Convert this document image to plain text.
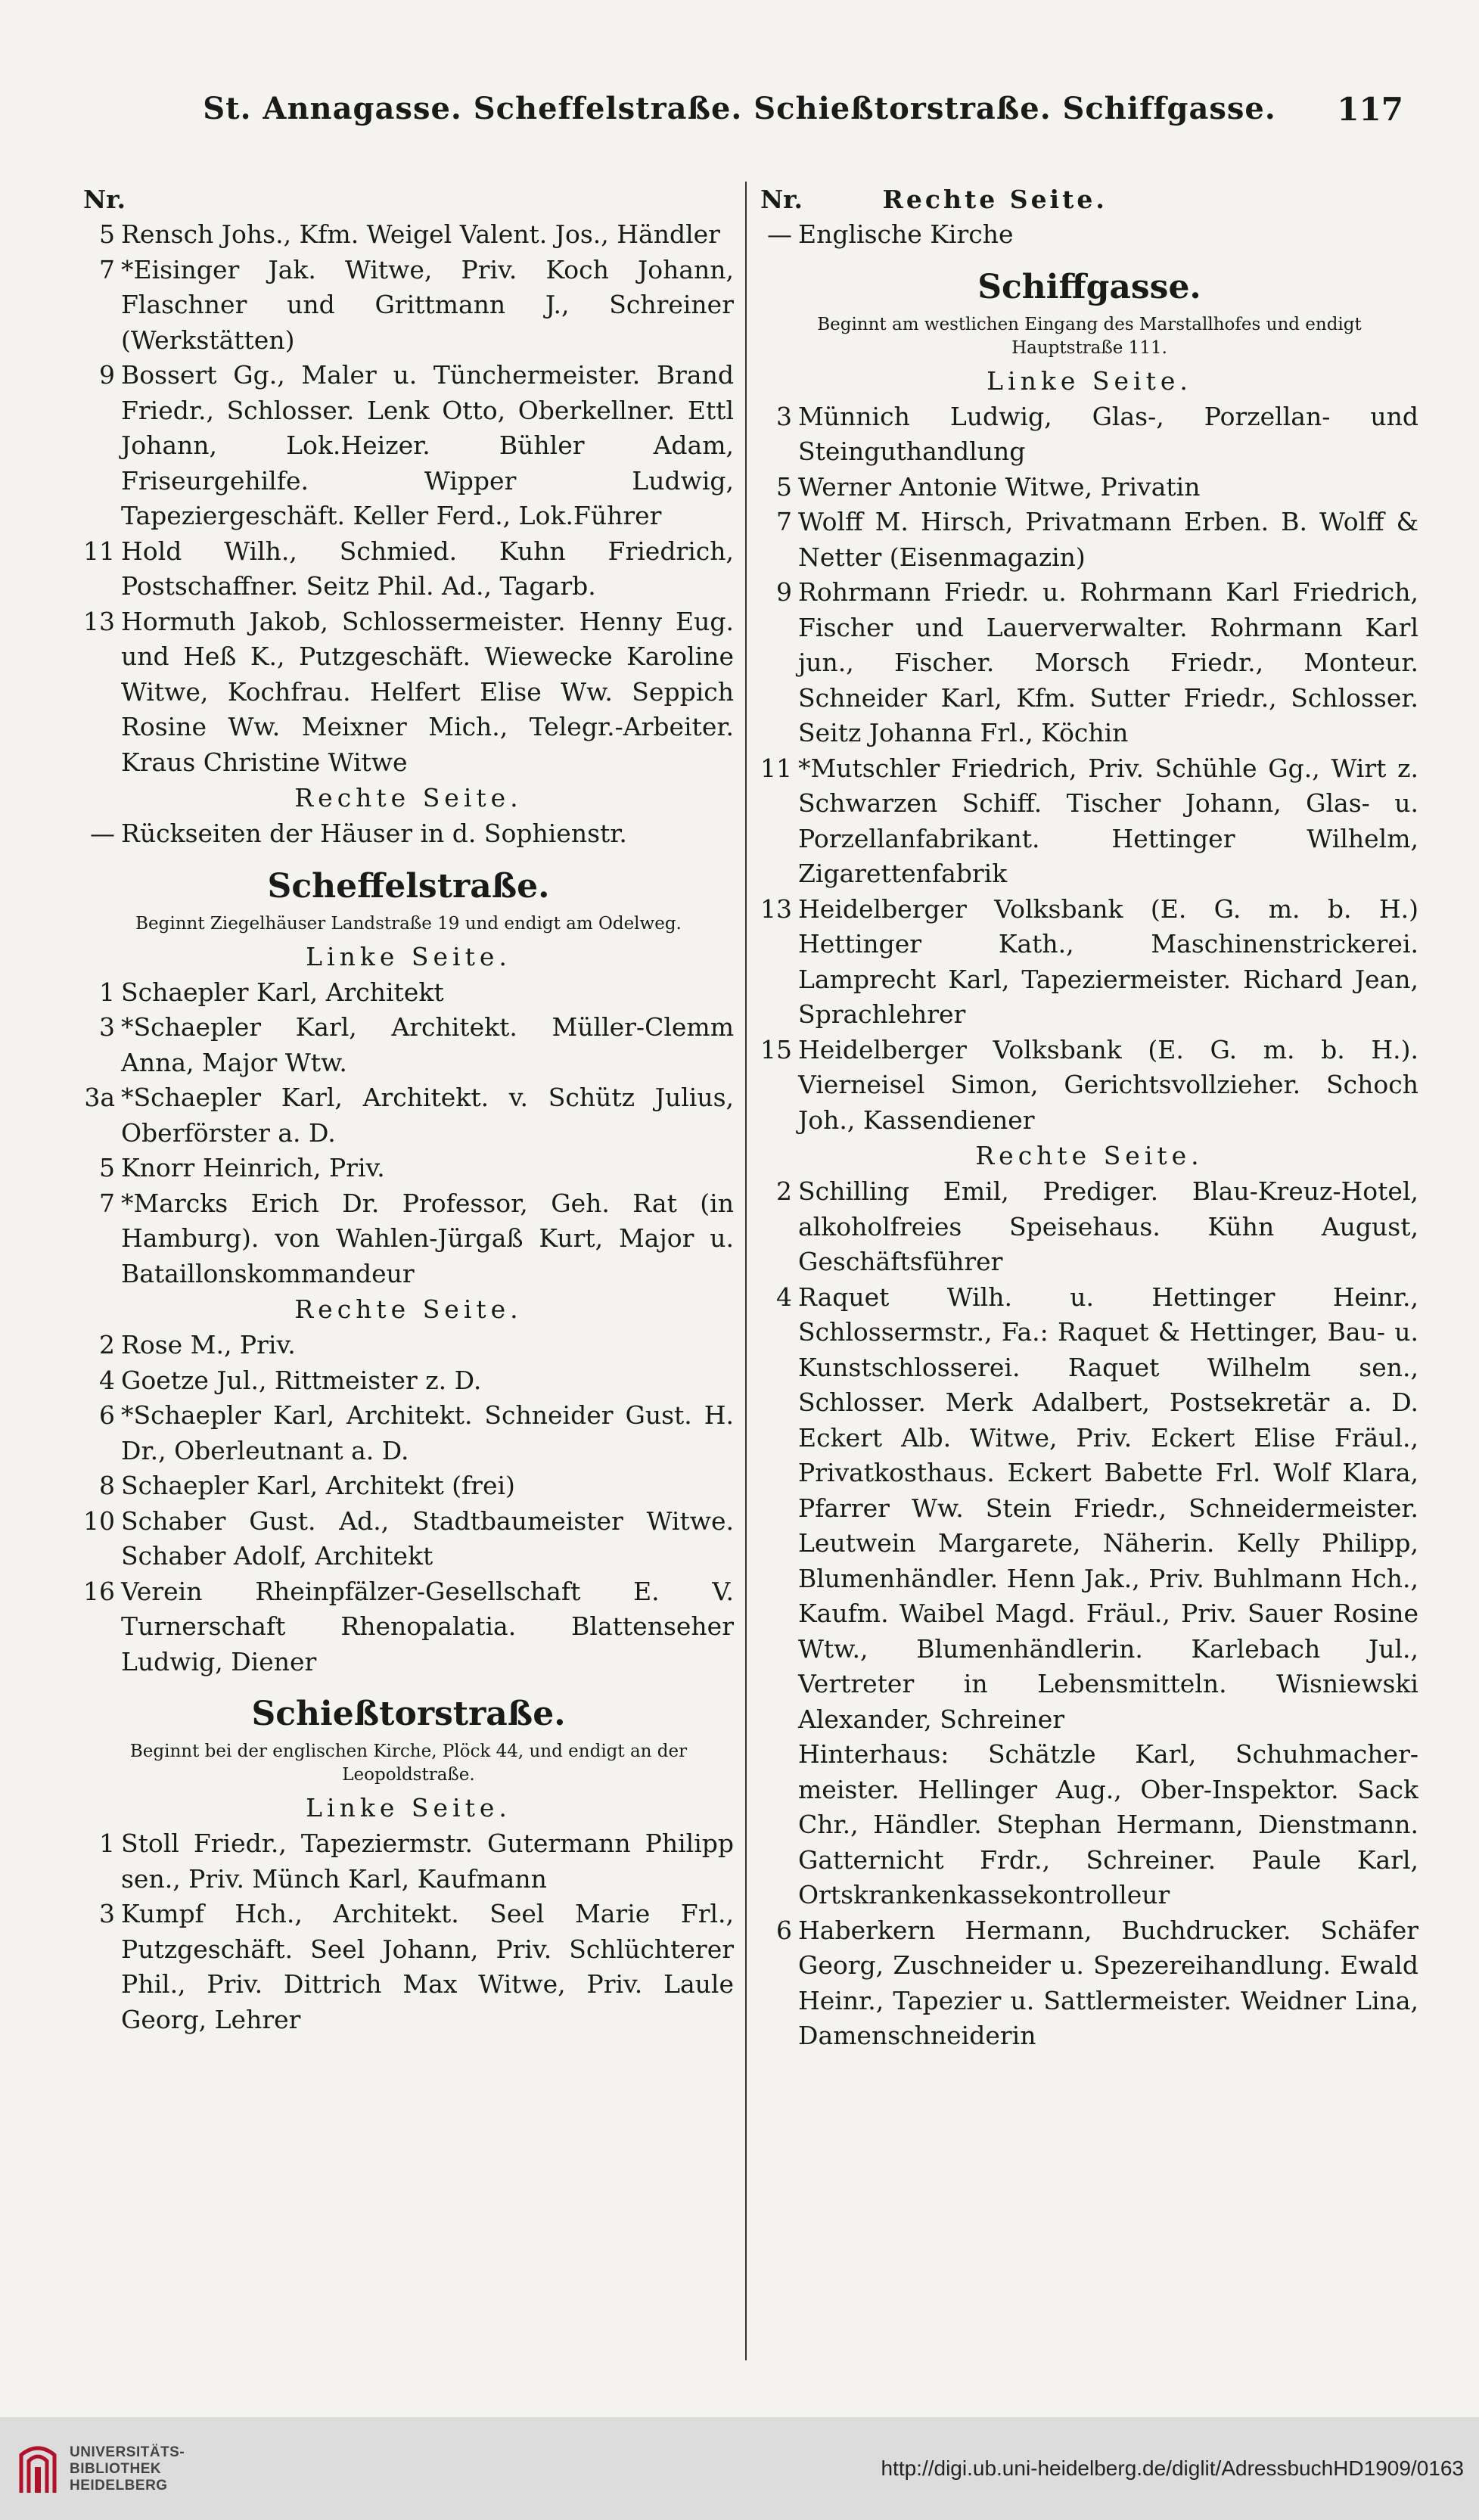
St. Annagasse. Scheffelstraße. Schießtorstraße. Schiffgasse.	117
Nr.
5 Rensch Johs., Kfm. Weigel Valent. Jos., Händler
7 *Eisinger Jak. Witwe, Priv. Koch Johann, Flaschner und Grittmann J., Schreiner (Werkstätten)
9 Bossert Gg., Maler u. Tünchermeister. Brand Friedr., Schlosser. Lenk Otto, Oberkellner. Ettl Johann, Lok.Heizer. Bühler Adam, Friseurgehilfe. Wipper Ludwig, Tapeziergeschäft. Keller Ferd., Lok.Führer
11 Hold Wilh., Schmied. Kuhn Friedrich, Postschaffner. Seitz Phil. Ad., Tagarb.
13 Hormuth Jakob, Schlossermeister. Henny Eug. und Heß K., Putzgeschäft. Wiewecke Karoline Witwe, Kochfrau. Helfert Elise Ww. Seppich Rosine Ww. Meixner Mich., Telegr.-Arbeiter. Kraus Christine Witwe
Rechte Seite.
— Rückseiten der Häuser in d. Sophienstr.
Scheffelstraße.
Beginnt Ziegelhäuser Landstraße 19 und endigt am Odelweg.
Linke Seite.
1 Schaepler Karl, Architekt
3 *Schaepler Karl, Architekt. Müller-Clemm Anna, Major Wtw.
3a *Schaepler Karl, Architekt. v. Schütz Julius, Oberförster a. D.
5 Knorr Heinrich, Priv.
7 *Marcks Erich Dr. Professor, Geh. Rat (in Hamburg). von Wahlen-Jürgaß Kurt, Major u. Bataillonskommandeur
Rechte Seite.
2 Rose M., Priv.
4 Goetze Jul., Rittmeister z. D.
6 *Schaepler Karl, Architekt. Schneider Gust. H. Dr., Oberleutnant a. D.
8 Schaepler Karl, Architekt (frei)
10 Schaber Gust. Ad., Stadtbaumeister Witwe. Schaber Adolf, Architekt
16 Verein Rheinpfälzer-Gesellschaft E. V. Turnerschaft Rhenopalatia. Blattenseher Ludwig, Diener
Schießtorstraße.
Beginnt bei der englischen Kirche, Plöck 44, und endigt an der Leopoldstraße.
Linke Seite.
1 Stoll Friedr., Tapeziermstr. Gutermann Philipp sen., Priv. Münch Karl, Kaufmann
3 Kumpf Hch., Architekt. Seel Marie Frl., Putzgeschäft. Seel Johann, Priv. Schlüchterer Phil., Priv. Dittrich Max Witwe, Priv. Laule Georg, Lehrer
Nr.	Rechte Seite.
— Englische Kirche
Schiffgasse.
Beginnt am westlichen Eingang des Marstallhofes und endigt Hauptstraße 111.
Linke Seite.
3 Münnich Ludwig, Glas-, Porzellan- und Steinguthandlung
5 Werner Antonie Witwe, Privatin
7 Wolff M. Hirsch, Privatmann Erben. B. Wolff & Netter (Eisenmagazin)
9 Rohrmann Friedr. u. Rohrmann Karl Friedrich, Fischer und Lauerverwalter. Rohrmann Karl jun., Fischer. Morsch Friedr., Monteur. Schneider Karl, Kfm. Sutter Friedr., Schlosser. Seitz Johanna Frl., Köchin
11 *Mutschler Friedrich, Priv. Schühle Gg., Wirt z. Schwarzen Schiff. Tischer Johann, Glas- u. Porzellanfabrikant. Hettinger Wilhelm, Zigarettenfabrik
13 Heidelberger Volksbank (E. G. m. b. H.) Hettinger Kath., Maschinenstrickerei. Lamprecht Karl, Tapeziermeister. Richard Jean, Sprachlehrer
15 Heidelberger Volksbank (E. G. m. b. H.). Vierneisel Simon, Gerichtsvollzieher. Schoch Joh., Kassendiener
Rechte Seite.
2 Schilling Emil, Prediger. Blau-Kreuz-Hotel, alkoholfreies Speisehaus. Kühn August, Geschäftsführer
4 Raquet Wilh. u. Hettinger Heinr., Schlossermstr., Fa.: Raquet & Hettinger, Bau- u. Kunstschlosserei. Raquet Wilhelm sen., Schlosser. Merk Adalbert, Postsekretär a. D. Eckert Alb. Witwe, Priv. Eckert Elise Fräul., Privatkosthaus. Eckert Babette Frl. Wolf Klara, Pfarrer Ww. Stein Friedr., Schneidermeister. Leutwein Margarete, Näherin. Kelly Philipp, Blumenhändler. Henn Jak., Priv. Buhlmann Hch., Kaufm. Waibel Magd. Fräul., Priv. Sauer Rosine Wtw., Blumenhändlerin. Karlebach Jul., Vertreter in Lebensmitteln. Wisniewski Alexander, Schreiner
Hinterhaus: Schätzle Karl, Schuhmacher-meister. Hellinger Aug., Ober-Inspektor. Sack Chr., Händler. Stephan Hermann, Dienstmann. Gatternicht Frdr., Schreiner. Paule Karl, Ortskrankenkassekontrolleur
6 Haberkern Hermann, Buchdrucker. Schäfer Georg, Zuschneider u. Spezereihandlung. Ewald Heinr., Tapezier u. Sattlermeister. Weidner Lina, Damenschneiderin
UNIVERSITÄTS-
BIBLIOTHEK
HEIDELBERG
http://digi.ub.uni-heidelberg.de/diglit/AdressbuchHD1909/0163
